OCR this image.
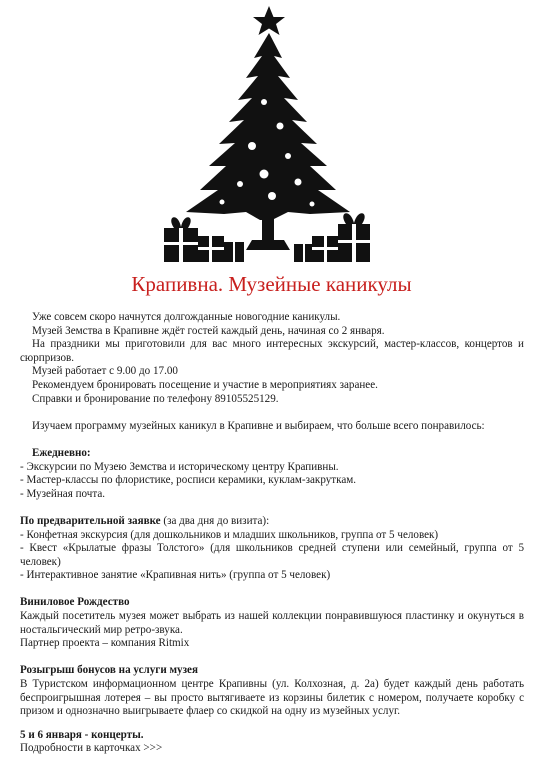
Крапивна. Музейные каникулы

Уже совсем скоро начнутся долгожданные новогодние каникулы.

Музей Земства в Крапивне ждёт гостей каждый день, начиная со 2 января.

На праздники мы приготовили для вас много интересных экскурсий, мастер-классов, концертов и сюрпризов.

Музей работает с 9.00 до 17.00

Рекомендуем бронировать посещение и участие в мероприятиях заранее.

Справки и бронирование по телефону 89105525129.

Изучаем программу музейных каникул в Крапивне и выбираем, что больше всего понравилось:

Ежедневно:

- Экскурсии по Музею Земства и историческому центру Крапивны.

- Мастер-классы по флористике, росписи керамики, куклам-закруткам.

- Музейная почта.

По предварительной заявке (за два дня до визита):

- Конфетная экскурсия (для дошкольников и младших школьников, группа от 5 человек)

- Квест «Крылатые фразы Толстого» (для школьников средней ступени или семейный, группа от 5 человек)

- Интерактивное занятие «Крапивная нить» (группа от 5 человек)

Виниловое Рождество

Каждый посетитель музея может выбрать из нашей коллекции понравившуюся пластинку и окунуться в ностальгический мир ретро-звука.

Партнер проекта – компания Ritmix

Розыгрыш бонусов на услуги музея

В Туристском информационном центре Крапивны (ул. Колхозная, д. 2а) будет каждый день работать беспроигрышная лотерея – вы просто вытягиваете из корзины билетик с номером, получаете коробку с призом и однозначно выигрываете флаер со скидкой на одну из музейных услуг.

5 и 6 января - концерты.

Подробности в карточках >>>
